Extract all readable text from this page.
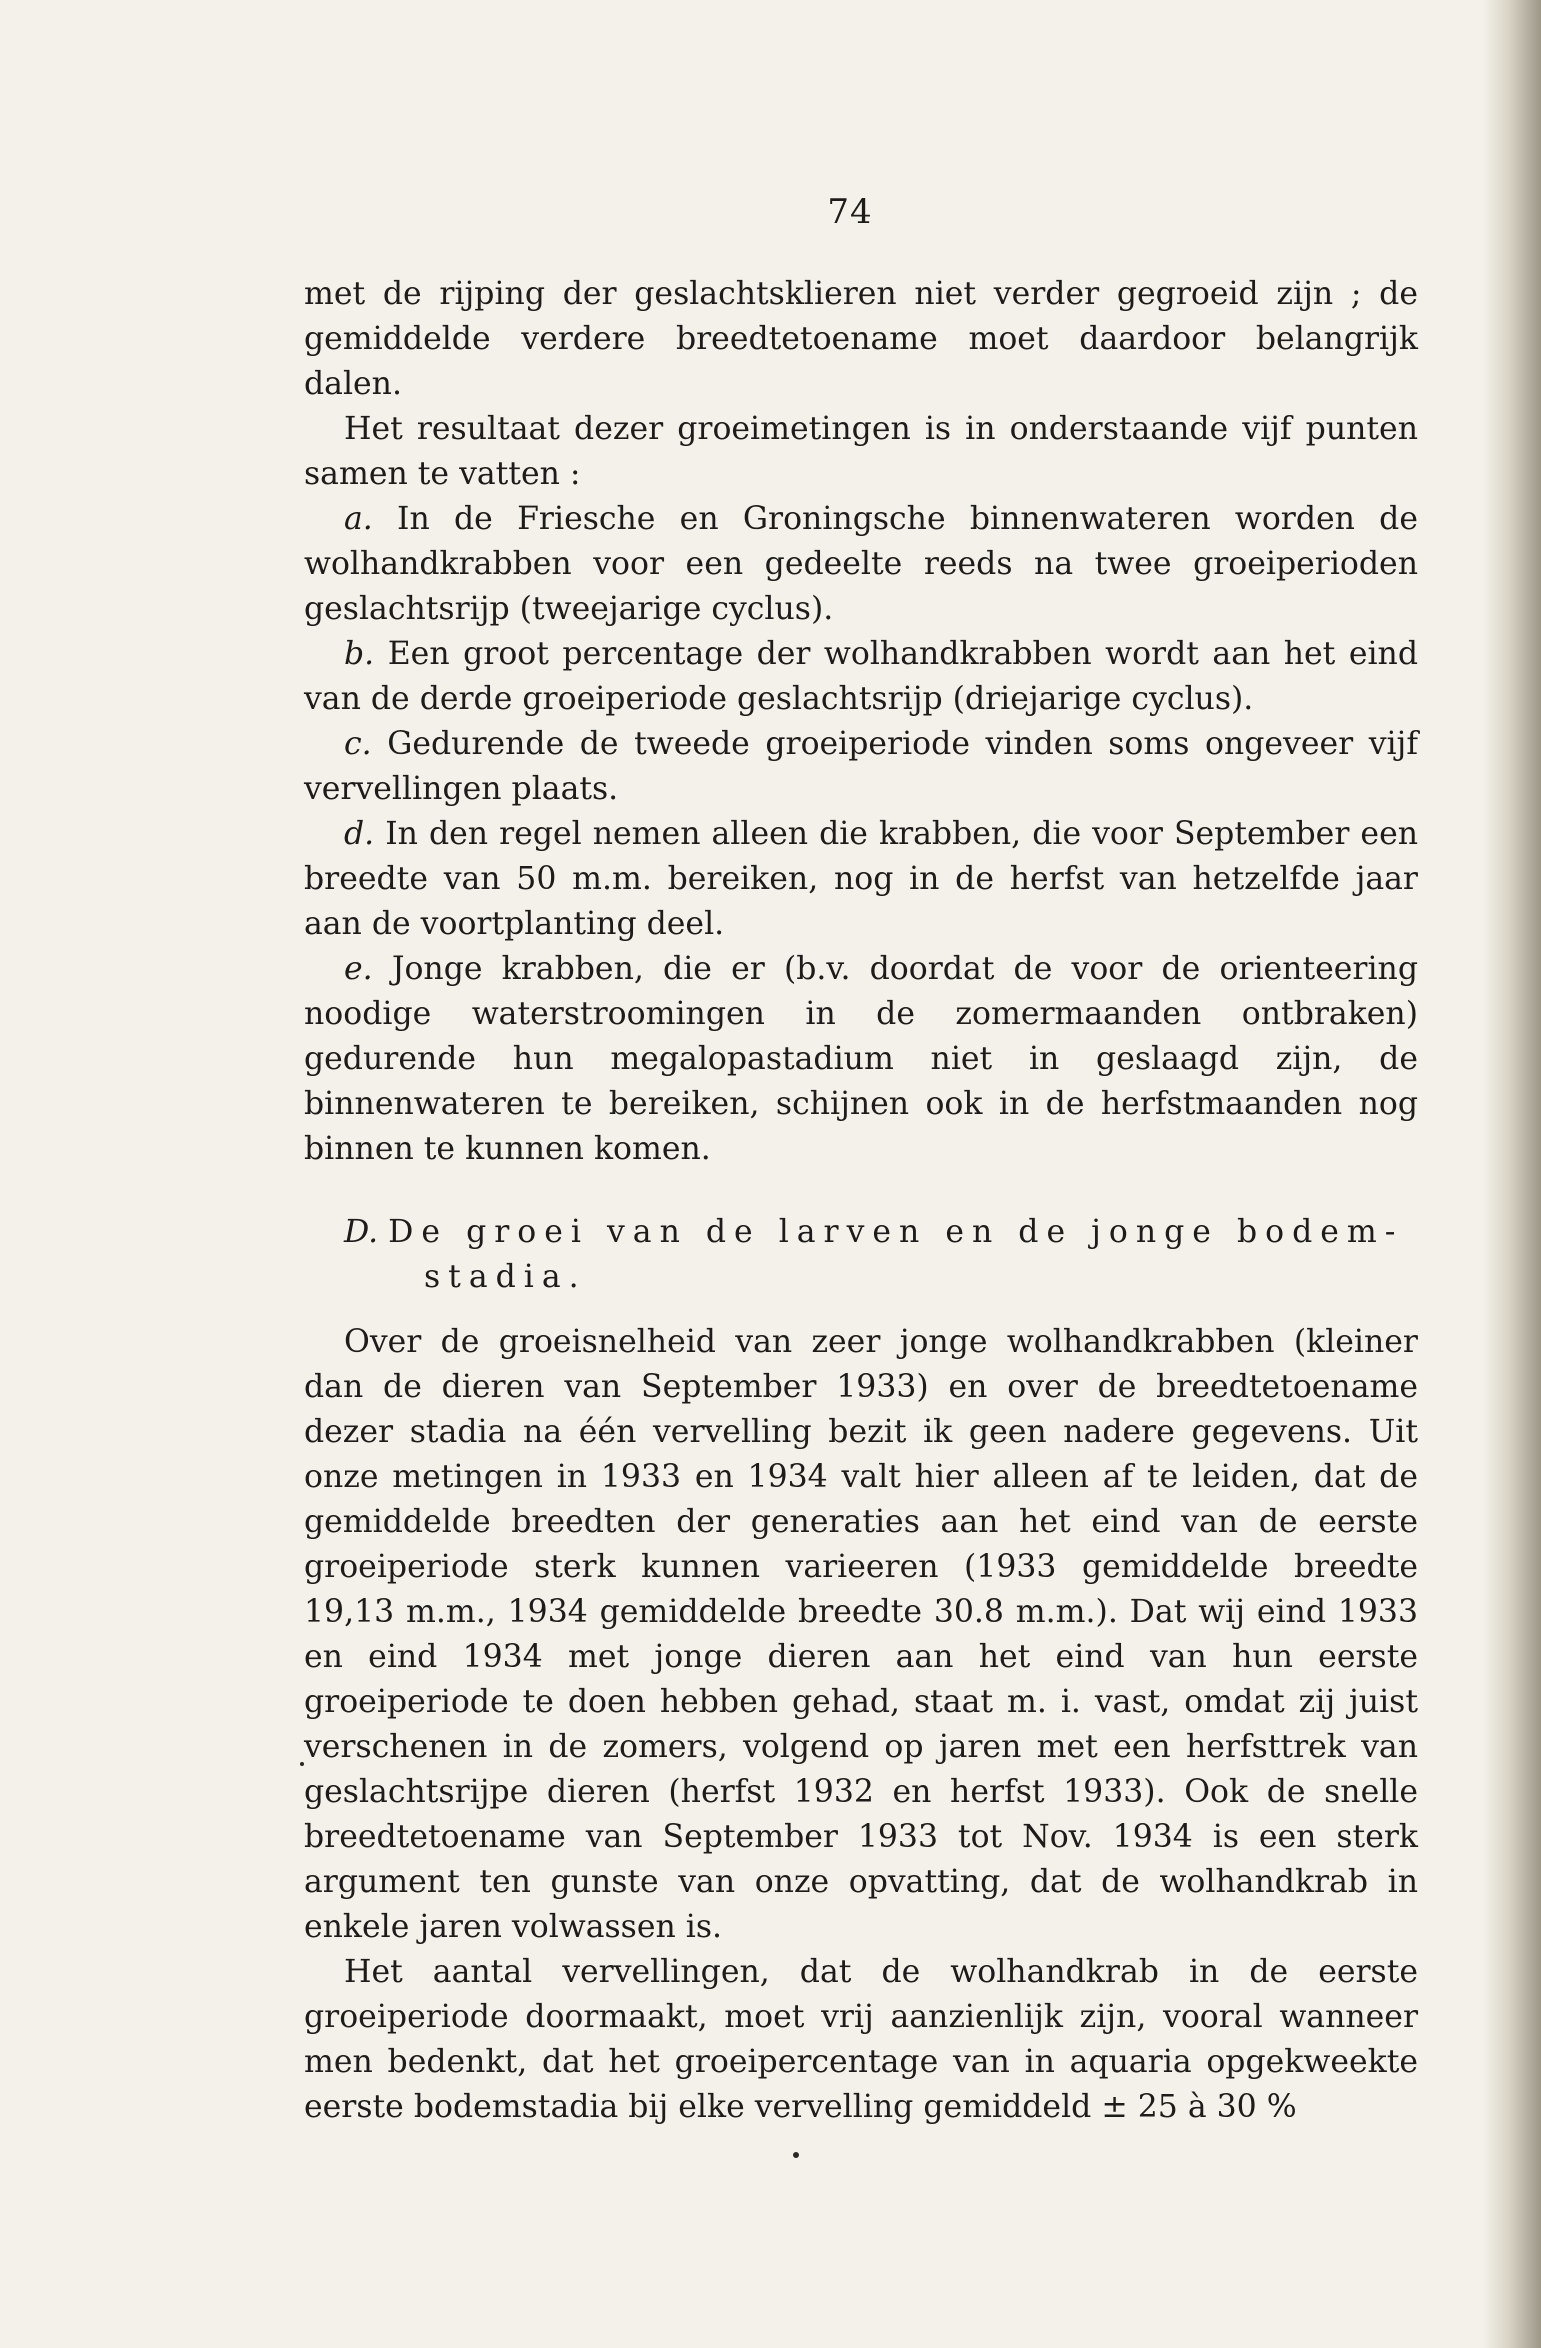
74

met de rijping der geslachtsklieren niet verder gegroeid zijn ; de gemiddelde verdere breedtetoename moet daardoor belangrijk dalen.

Het resultaat dezer groeimetingen is in onderstaande vijf punten samen te vatten :

a. In de Friesche en Groningsche binnenwateren worden de wolhandkrabben voor een gedeelte reeds na twee groeiperioden geslachtsrijp (tweejarige cyclus).

b. Een groot percentage der wolhandkrabben wordt aan het eind van de derde groeiperiode geslachtsrijp (driejarige cyclus).

c. Gedurende de tweede groeiperiode vinden soms ongeveer vijf vervellingen plaats.

d. In den regel nemen alleen die krabben, die voor September een breedte van 50 m.m. bereiken, nog in de herfst van hetzelfde jaar aan de voortplanting deel.

e. Jonge krabben, die er (b.v. doordat de voor de orienteering noodige waterstroomingen in de zomermaanden ontbraken) gedurende hun megalopastadium niet in geslaagd zijn, de binnenwateren te bereiken, schijnen ook in de herfstmaanden nog binnen te kunnen komen.

D. De groei van de larven en de jonge bodem-
stadia.

Over de groeisnelheid van zeer jonge wolhandkrabben (kleiner dan de dieren van September 1933) en over de breedtetoename dezer stadia na één vervelling bezit ik geen nadere gegevens. Uit onze metingen in 1933 en 1934 valt hier alleen af te leiden, dat de gemiddelde breedten der generaties aan het eind van de eerste groeiperiode sterk kunnen varieeren (1933 gemiddelde breedte 19,13 m.m., 1934 gemiddelde breedte 30.8 m.m.). Dat wij eind 1933 en eind 1934 met jonge dieren aan het eind van hun eerste groeiperiode te doen hebben gehad, staat m. i. vast, omdat zij juist verschenen in de zomers, volgend op jaren met een herfsttrek van geslachtsrijpe dieren (herfst 1932 en herfst 1933). Ook de snelle breedtetoename van September 1933 tot Nov. 1934 is een sterk argument ten gunste van onze opvatting, dat de wolhandkrab in enkele jaren volwassen is.

Het aantal vervellingen, dat de wolhandkrab in de eerste groeiperiode doormaakt, moet vrij aanzienlijk zijn, vooral wanneer men bedenkt, dat het groeipercentage van in aquaria opgekweekte eerste bodemstadia bij elke vervelling gemiddeld ± 25 à 30 %
